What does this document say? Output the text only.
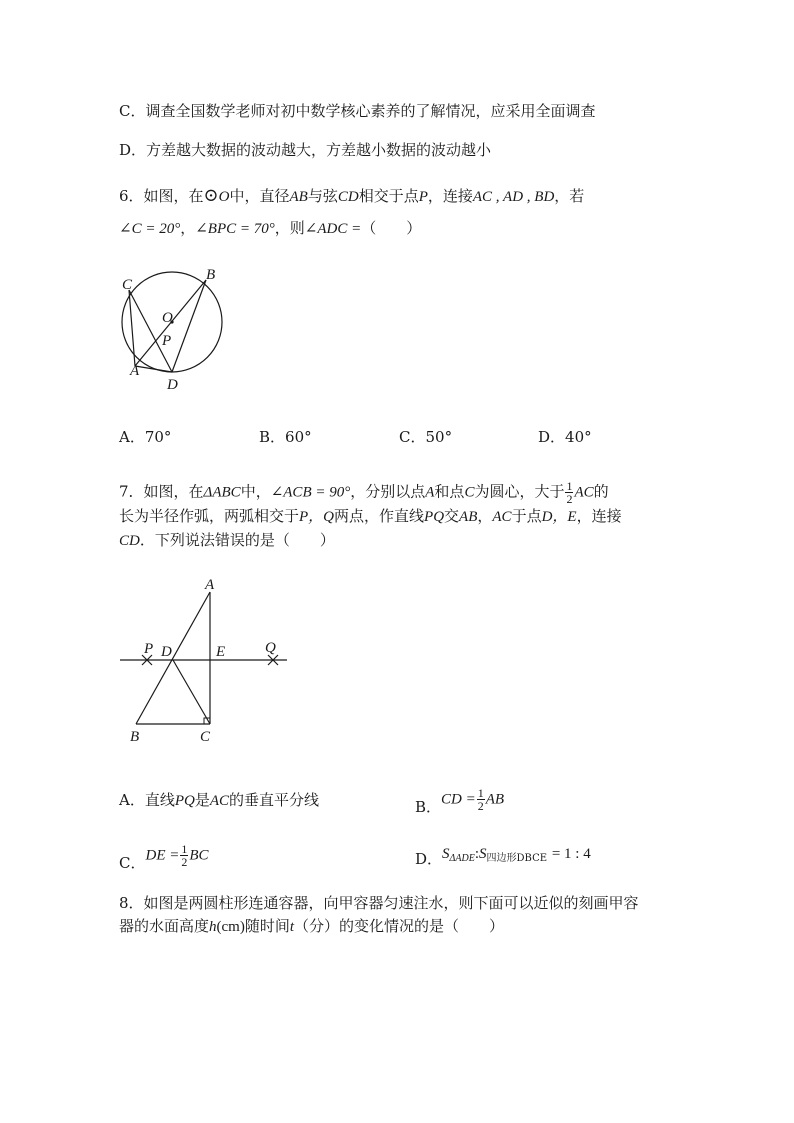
C．调查全国数学老师对初中数学核心素养的了解情况，应采用全面调查
D．方差越大数据的波动越大，方差越小数据的波动越小
6．如图，在⊙O中，直径AB与弦CD相交于点P，连接AC , AD , BD，若
∠C = 20°，∠BPC = 70°，则∠ADC =（　　）
C
B
O
P
A
D
A．70°	B．60°	C．50°	D．40°
7．如图，在ΔABC中，∠ACB = 90°，分别以点A和点C为圆心，大于 $\frac{1}{2}$ AC的
长为半径作弧，两弧相交于P，Q两点，作直线PQ交AB，AC于点D，E，连接
CD．下列说法错误的是（　　）
A
P D	E	Q
B	C
A．直线PQ是AC的垂直平分线	B．CD = $\frac{1}{2}$ AB
C．DE = $\frac{1}{2}$ BC	D．$S_{\Delta ADE}:S_{四边形DBCE} = 1$ : 4
8．如图是两圆柱形连通容器，向甲容器匀速注水，则下面可以近似的刻画甲容
器的水面高度h(cm)随时间t（分）的变化情况的是（　　）
